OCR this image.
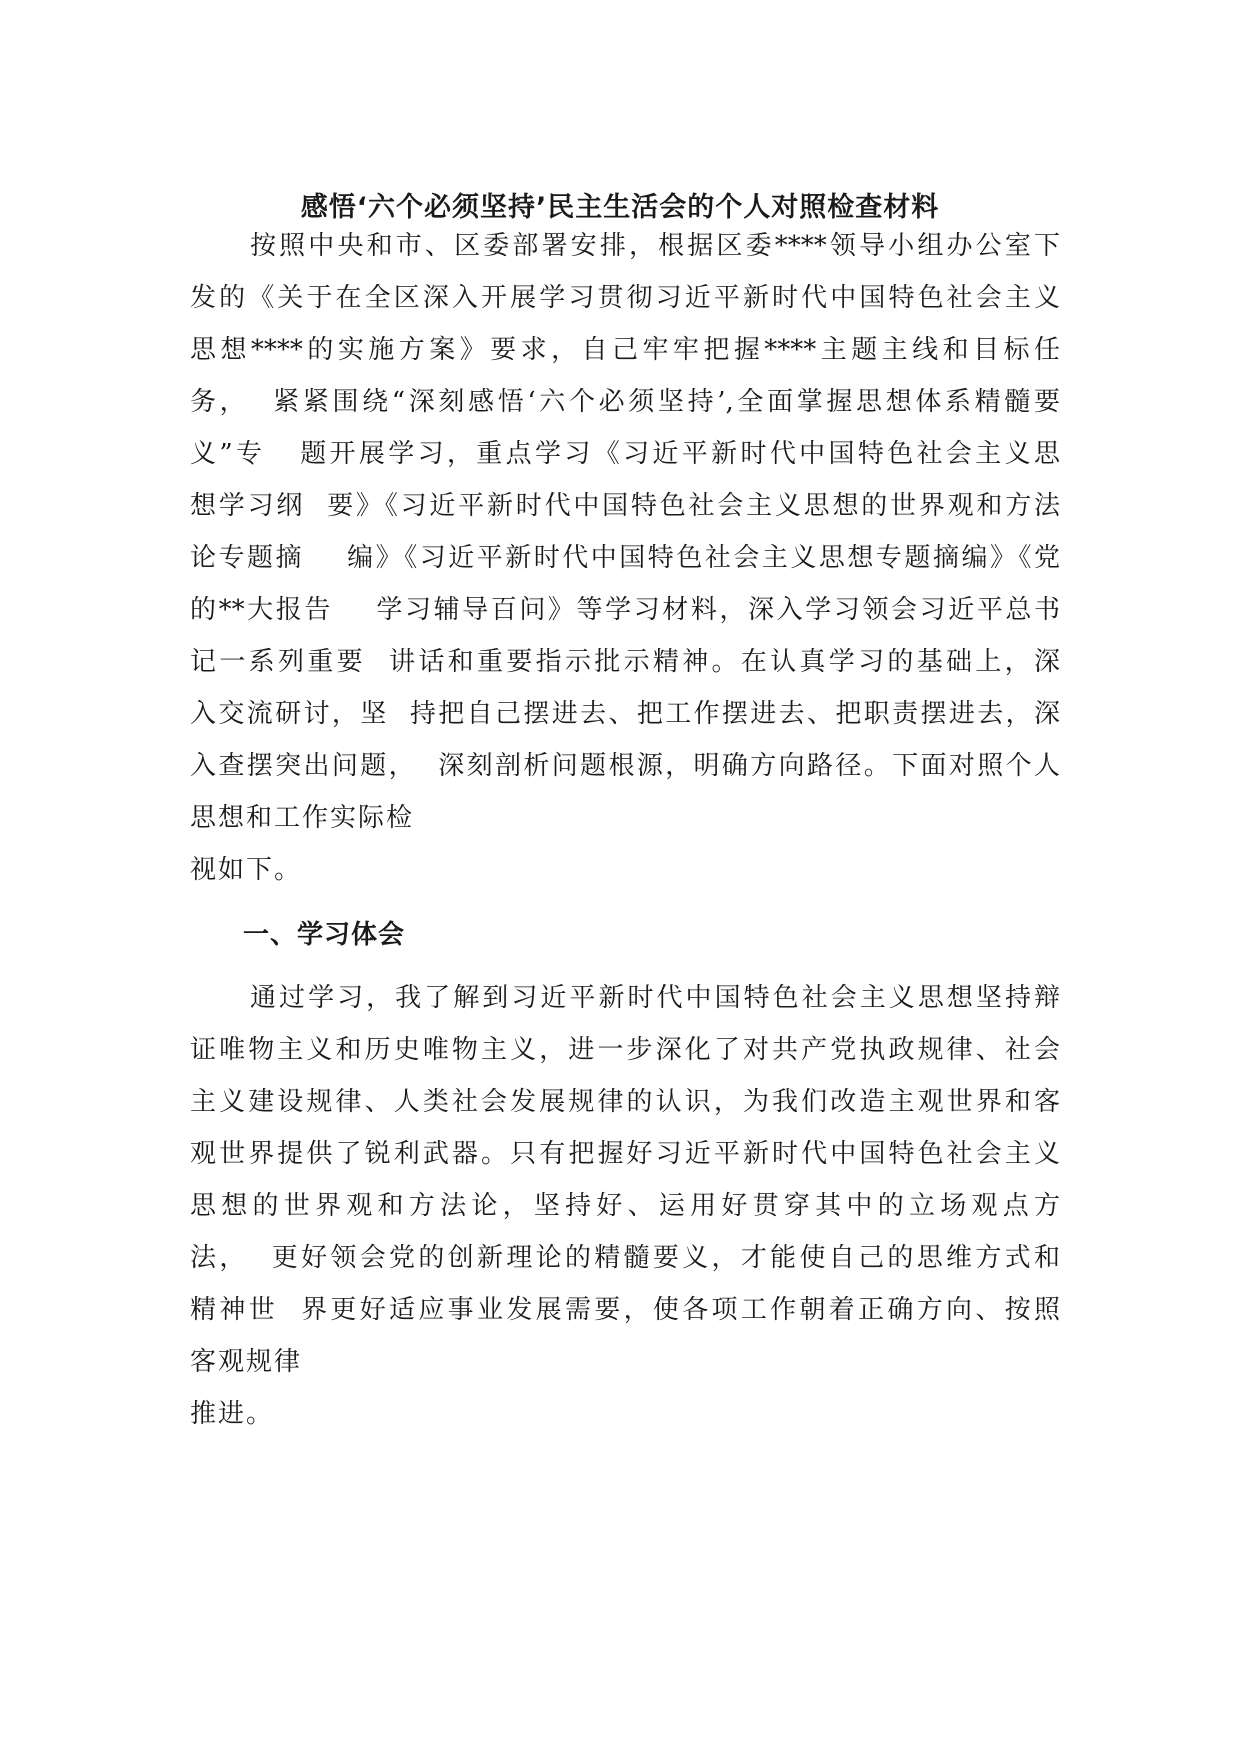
感悟‘六个必须坚持’民主生活会的个人对照检查材料
按照中央和市、区委部署安排，根据区委****领导小组办公室下
发的《关于在全区深入开展学习贯彻习近平新时代中国特色社会主义
思想****的实施方案》要求，自己牢牢把握****主题主线和目标任
务，  紧紧围绕“深刻感悟‘六个必须坚持’,全面掌握思想体系精髓要
义”专   题开展学习，重点学习《习近平新时代中国特色社会主义思
想学习纲  要》《习近平新时代中国特色社会主义思想的世界观和方法
论专题摘    编》《习近平新时代中国特色社会主义思想专题摘编》《党
的**大报告    学习辅导百问》等学习材料，深入学习领会习近平总书
记一系列重要  讲话和重要指示批示精神。在认真学习的基础上，深
入交流研讨，坚  持把自己摆进去、把工作摆进去、把职责摆进去，深
入查摆突出问题，  深刻剖析问题根源，明确方向路径。下面对照个人
思想和工作实际检
视如下。
一、学习体会
通过学习，我了解到习近平新时代中国特色社会主义思想坚持辩
证唯物主义和历史唯物主义，进一步深化了对共产党执政规律、社会
主义建设规律、人类社会发展规律的认识，为我们改造主观世界和客
观世界提供了锐利武器。只有把握好习近平新时代中国特色社会主义
思想的世界观和方法论，坚持好、运用好贯穿其中的立场观点方
法，  更好领会党的创新理论的精髓要义，才能使自己的思维方式和
精神世  界更好适应事业发展需要，使各项工作朝着正确方向、按照
客观规律
推进。
